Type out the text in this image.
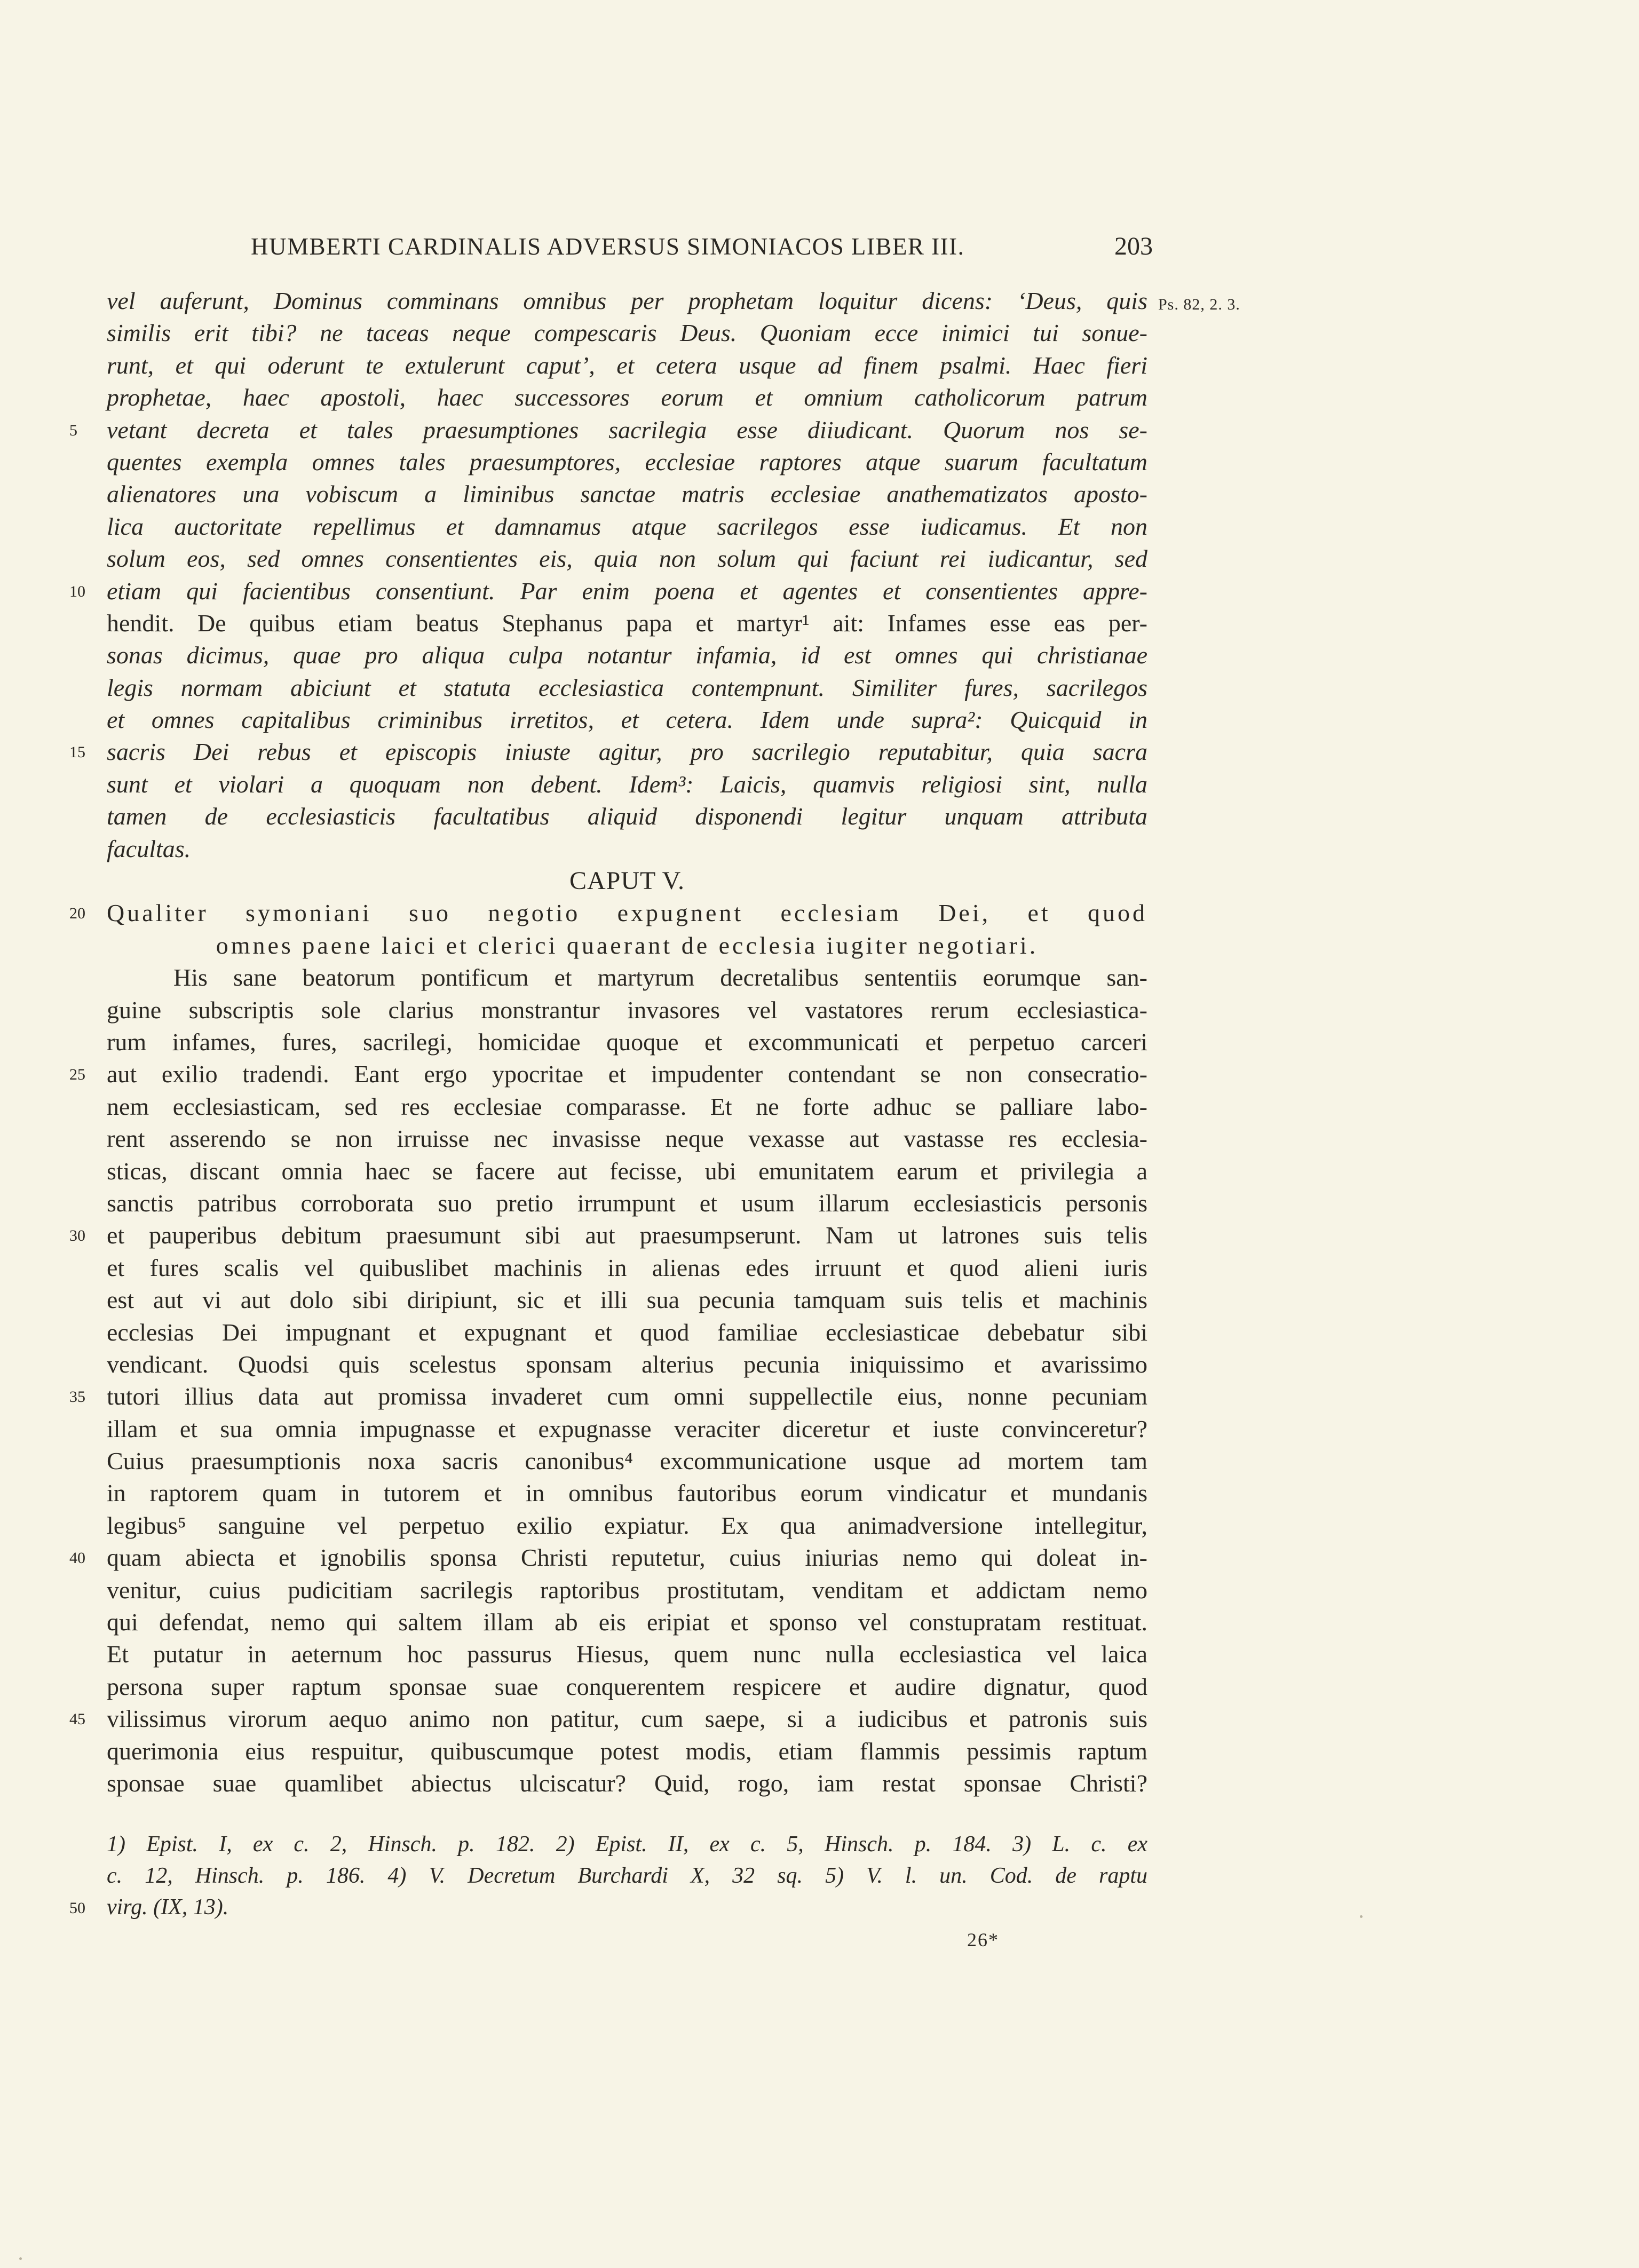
HUMBERTI CARDINALIS ADVERSUS SIMONIACOS LIBER III.	203
Ps. 82, 2. 3.
vel auferunt, Dominus comminans omnibus per prophetam loquitur dicens: ‘Deus, quis
similis erit tibi? ne taceas neque compescaris Deus. Quoniam ecce inimici tui sonue-
runt, et qui oderunt te extulerunt caput’, et cetera usque ad finem psalmi. Haec fieri
prophetae, haec apostoli, haec successores eorum et omnium catholicorum patrum
5	vetant decreta et tales praesumptiones sacrilegia esse diiudicant. Quorum nos se-
quentes exempla omnes tales praesumptores, ecclesiae raptores atque suarum facultatum
alienatores una vobiscum a liminibus sanctae matris ecclesiae anathematizatos aposto-
lica auctoritate repellimus et damnamus atque sacrilegos esse iudicamus. Et non
solum eos, sed omnes consentientes eis, quia non solum qui faciunt rei iudicantur, sed
10 etiam qui facientibus consentiunt. Par enim poena et agentes et consentientes appre-
hendit. De quibus etiam beatus Stephanus papa et martyr¹ ait: Infames esse eas per-
sonas dicimus, quae pro aliqua culpa notantur infamia, id est omnes qui christianae
legis normam abiciunt et statuta ecclesiastica contempnunt. Similiter fures, sacrilegos
et omnes capitalibus criminibus irretitos, et cetera. Idem unde supra²: Quicquid in
15 sacris Dei rebus et episcopis iniuste agitur, pro sacrilegio reputabitur, quia sacra
sunt et violari a quoquam non debent. Idem³: Laicis, quamvis religiosi sint, nulla
tamen de ecclesiasticis facultatibus aliquid disponendi legitur unquam attributa
facultas.
CAPUT V.
20 Qualiter symoniani suo negotio expugnent ecclesiam Dei, et quod
omnes paene laici et clerici quaerant de ecclesia iugiter negotiari.
His sane beatorum pontificum et martyrum decretalibus sententiis eorumque san-
guine subscriptis sole clarius monstrantur invasores vel vastatores rerum ecclesiastica-
rum infames, fures, sacrilegi, homicidae quoque et excommunicati et perpetuo carceri
25 aut exilio tradendi. Eant ergo ypocritae et impudenter contendant se non consecratio-
nem ecclesiasticam, sed res ecclesiae comparasse. Et ne forte adhuc se palliare labo-
rent asserendo se non irruisse nec invasisse neque vexasse aut vastasse res ecclesia-
sticas, discant omnia haec se facere aut fecisse, ubi emunitatem earum et privilegia a
sanctis patribus corroborata suo pretio irrumpunt et usum illarum ecclesiasticis personis
30 et pauperibus debitum praesumunt sibi aut praesumpserunt. Nam ut latrones suis telis
et fures scalis vel quibuslibet machinis in alienas edes irruunt et quod alieni iuris
est aut vi aut dolo sibi diripiunt, sic et illi sua pecunia tamquam suis telis et machinis
ecclesias Dei impugnant et expugnant et quod familiae ecclesiasticae debebatur sibi
vendicant. Quodsi quis scelestus sponsam alterius pecunia iniquissimo et avarissimo
35 tutori illius data aut promissa invaderet cum omni suppellectile eius, nonne pecuniam
illam et sua omnia impugnasse et expugnasse veraciter diceretur et iuste convinceretur?
Cuius praesumptionis noxa sacris canonibus⁴ excommunicatione usque ad mortem tam
in raptorem quam in tutorem et in omnibus fautoribus eorum vindicatur et mundanis
legibus⁵ sanguine vel perpetuo exilio expiatur. Ex qua animadversione intellegitur,
40 quam abiecta et ignobilis sponsa Christi reputetur, cuius iniurias nemo qui doleat in-
venitur, cuius pudicitiam sacrilegis raptoribus prostitutam, venditam et addictam nemo
qui defendat, nemo qui saltem illam ab eis eripiat et sponso vel constupratam restituat.
Et putatur in aeternum hoc passurus Hiesus, quem nunc nulla ecclesiastica vel laica
persona super raptum sponsae suae conquerentem respicere et audire dignatur, quod
45 vilissimus virorum aequo animo non patitur, cum saepe, si a iudicibus et patronis suis
querimonia eius respuitur, quibuscumque potest modis, etiam flammis pessimis raptum
sponsae suae quamlibet abiectus ulciscatur? Quid, rogo, iam restat sponsae Christi?
1) Epist. I, ex c. 2, Hinsch. p. 182. 2) Epist. II, ex c. 5, Hinsch. p. 184. 3) L. c. ex
c. 12, Hinsch. p. 186. 4) V. Decretum Burchardi X, 32 sq. 5) V. l. un. Cod. de raptu
50 virg. (IX, 13).
26*
